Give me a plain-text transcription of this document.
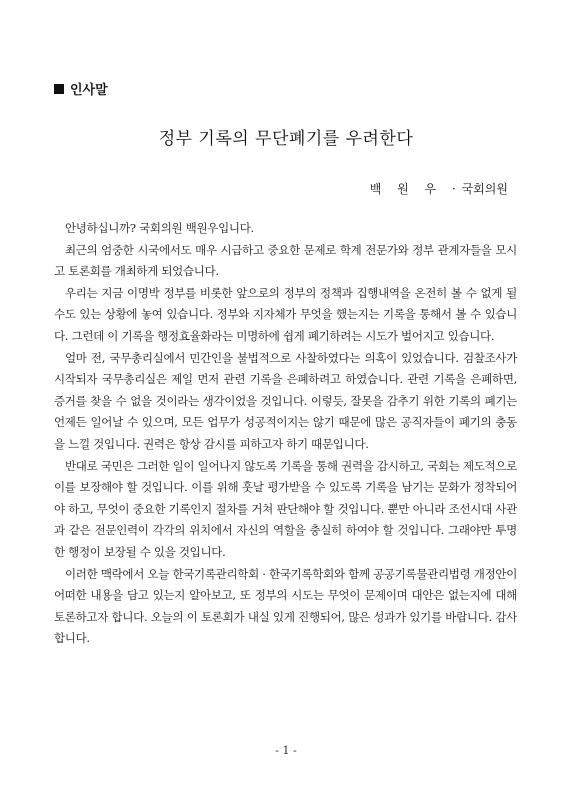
인사말
정부 기록의 무단폐기를 우려한다
백 원 우 · 국회의원

안녕하십니까? 국회의원 백원우입니다.

최근의 엄중한 시국에서도 매우 시급하고 중요한 문제로 학계 전문가와 정부 관계자들을 모시고 토론회를 개최하게 되었습니다.

우리는 지금 이명박 정부를 비롯한 앞으로의 정부의 정책과 집행내역을 온전히 볼 수 없게 될 수도 있는 상황에 놓여 있습니다. 정부와 지자체가 무엇을 했는지는 기록을 통해서 볼 수 있습니다. 그런데 이 기록을 행정효율화라는 미명하에 쉽게 폐기하려는 시도가 벌어지고 있습니다.

얼마 전, 국무총리실에서 민간인을 불법적으로 사찰하였다는 의혹이 있었습니다. 검찰조사가 시작되자 국무총리실은 제일 먼저 관련 기록을 은폐하려고 하였습니다. 관련 기록을 은폐하면, 증거를 찾을 수 없을 것이라는 생각이었을 것입니다. 이렇듯, 잘못을 감추기 위한 기록의 폐기는 언제든 일어날 수 있으며, 모든 업무가 성공적이지는 않기 때문에 많은 공직자들이 폐기의 충동을 느낄 것입니다. 권력은 항상 감시를 피하고자 하기 때문입니다.

반대로 국민은 그러한 일이 일어나지 않도록 기록을 통해 권력을 감시하고, 국회는 제도적으로 이를 보장해야 할 것입니다. 이를 위해 훗날 평가받을 수 있도록 기록을 남기는 문화가 정착되어야 하고, 무엇이 중요한 기록인지 절차를 거쳐 판단해야 할 것입니다. 뿐만 아니라 조선시대 사관과 같은 전문인력이 각각의 위치에서 자신의 역할을 충실히 하여야 할 것입니다. 그래야만 투명한 행정이 보장될 수 있을 것입니다.

이러한 맥락에서 오늘 한국기록관리학회 · 한국기록학회와 함께 공공기록물관리법령 개정안이 어떠한 내용을 담고 있는지 알아보고, 또 정부의 시도는 무엇이 문제이며 대안은 없는지에 대해 토론하고자 합니다. 오늘의 이 토론회가 내실 있게 진행되어, 많은 성과가 있기를 바랍니다. 감사합니다.

- 1 -
